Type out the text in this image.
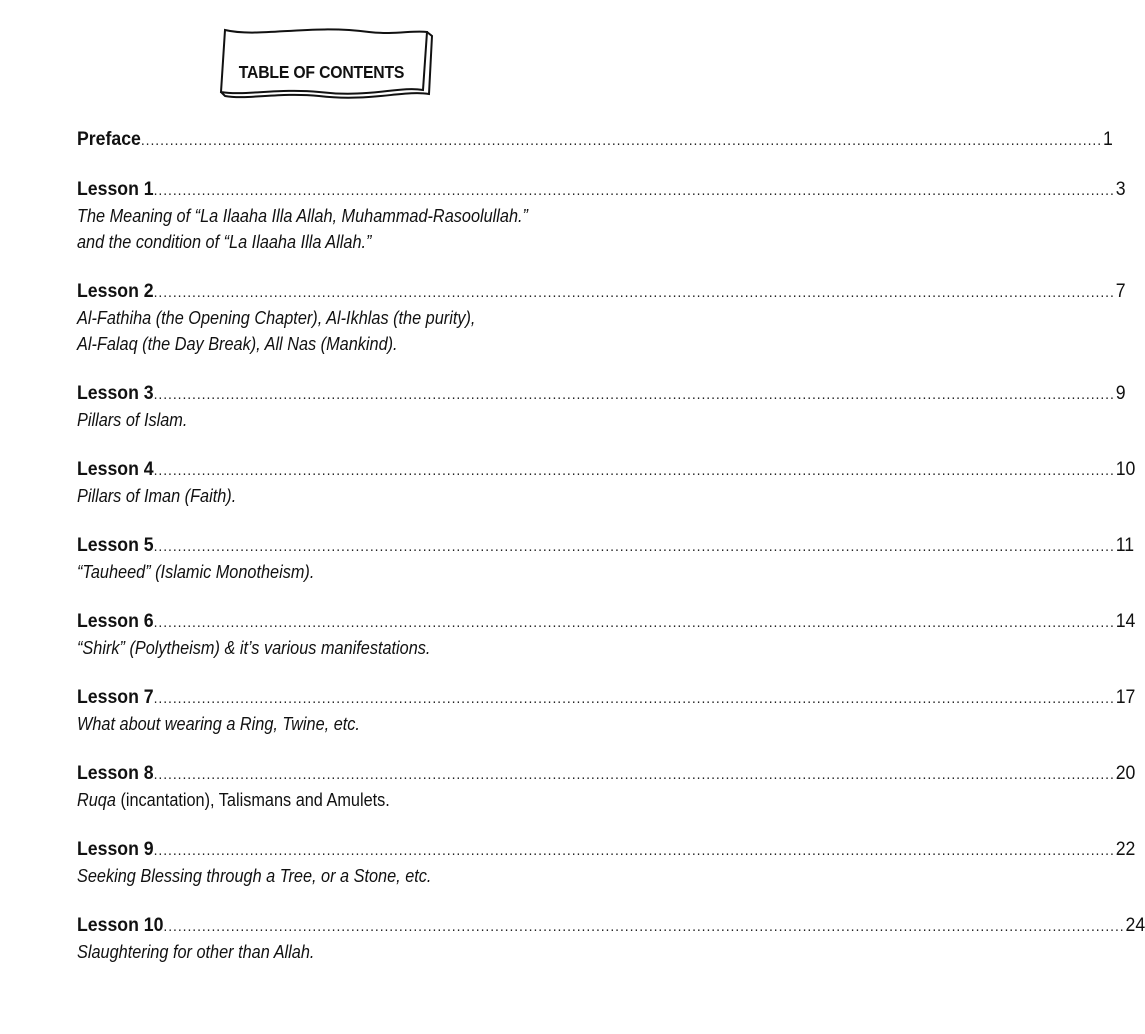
TABLE OF CONTENTS
Preface ........................................................................................................................................................................................................ 1
Lesson 1 ........................................................................................................................................................................................................ 3
The Meaning of “La Ilaaha Illa Allah, Muhammad-Rasoolullah.”
and the condition of “La Ilaaha Illa Allah.”
Lesson 2 ........................................................................................................................................................................................................ 7
Al-Fathiha (the Opening Chapter), Al-Ikhlas (the purity),
Al-Falaq (the Day Break), All Nas (Mankind).
Lesson 3 ........................................................................................................................................................................................................ 9
Pillars of Islam.
Lesson 4 ........................................................................................................................................................................................................ 10
Pillars of Iman (Faith).
Lesson 5 ........................................................................................................................................................................................................ 11
“Tauheed” (Islamic Monotheism).
Lesson 6 ........................................................................................................................................................................................................ 14
“Shirk” (Polytheism) & it’s various manifestations.
Lesson 7 ........................................................................................................................................................................................................ 17
What about wearing a Ring, Twine, etc.
Lesson 8 ........................................................................................................................................................................................................ 20
Ruqa (incantation), Talismans and Amulets.
Lesson 9 ........................................................................................................................................................................................................ 22
Seeking Blessing through a Tree, or a Stone, etc.
Lesson 10 ........................................................................................................................................................................................................ 24
Slaughtering for other than Allah.
